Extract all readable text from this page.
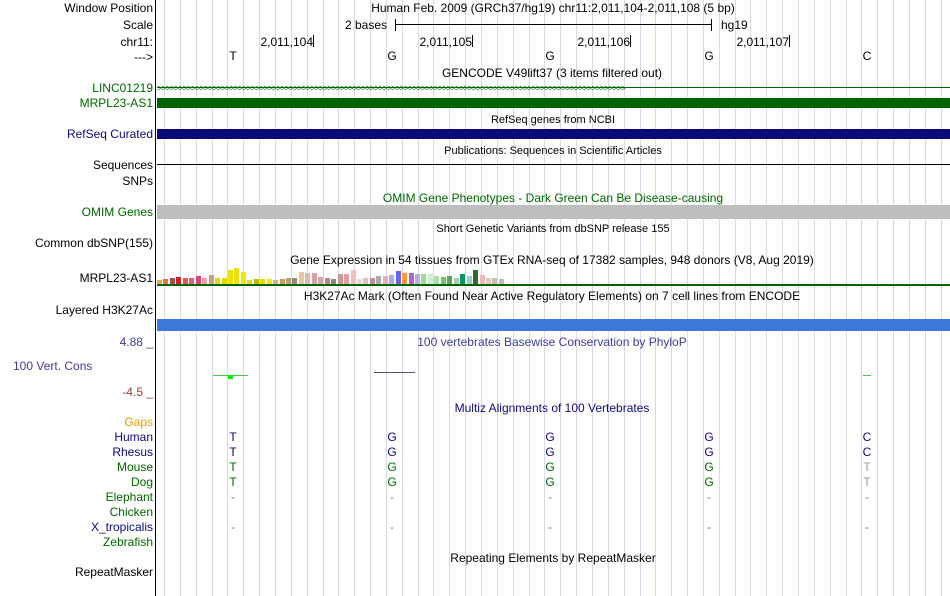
Window Position	Human Feb. 2009 (GRCh37/hg19) chr11:2,011,104-2,011,108 (5 bp)
Scale	2 bases	hg19
chr11:	2,011,104	2,011,105	2,011,106	2,011,107
--->	T	G	G	G	C
GENCODE V49lift37 (3 items filtered out)
LINC01219 >>>>>>>>>>>>>>>>>>>>>>>>>>>>>>>>>>>>>>>>>>>>>>>>>>>>>>>>>>>>>>>>>>>>>>>>>>>>>>>>>>>>>>>>>>>>>>>>>>>>>>>>>>>>>>
MRPL23-AS1
RefSeq genes from NCBI
RefSeq Curated
Publications: Sequences in Scientific Articles
Sequences
SNPs
OMIM Gene Phenotypes - Dark Green Can Be Disease-causing
OMIM Genes
Short Genetic Variants from dbSNP release 155
Common dbSNP(155)
Gene Expression in 54 tissues from GTEx RNA-seq of 17382 samples, 948 donors (V8, Aug 2019)
MRPL23-AS1
H3K27Ac Mark (Often Found Near Active Regulatory Elements) on 7 cell lines from ENCODE
Layered H3K27Ac
4.88 _	100 vertebrates Basewise Conservation by PhyloP
100 Vert. Cons
-4.5 _
Gaps
Multiz Alignments of 100 Vertebrates
Human	T	G	G	G	C
Rhesus	T	G	G	G	C
Mouse	T	G	G	G	T
Dog	T	G	G	G	T
Elephant	-	-	-	-	-
Chicken
X_tropicalis	-	-	-	-	-
Zebrafish
Repeating Elements by RepeatMasker
RepeatMasker
